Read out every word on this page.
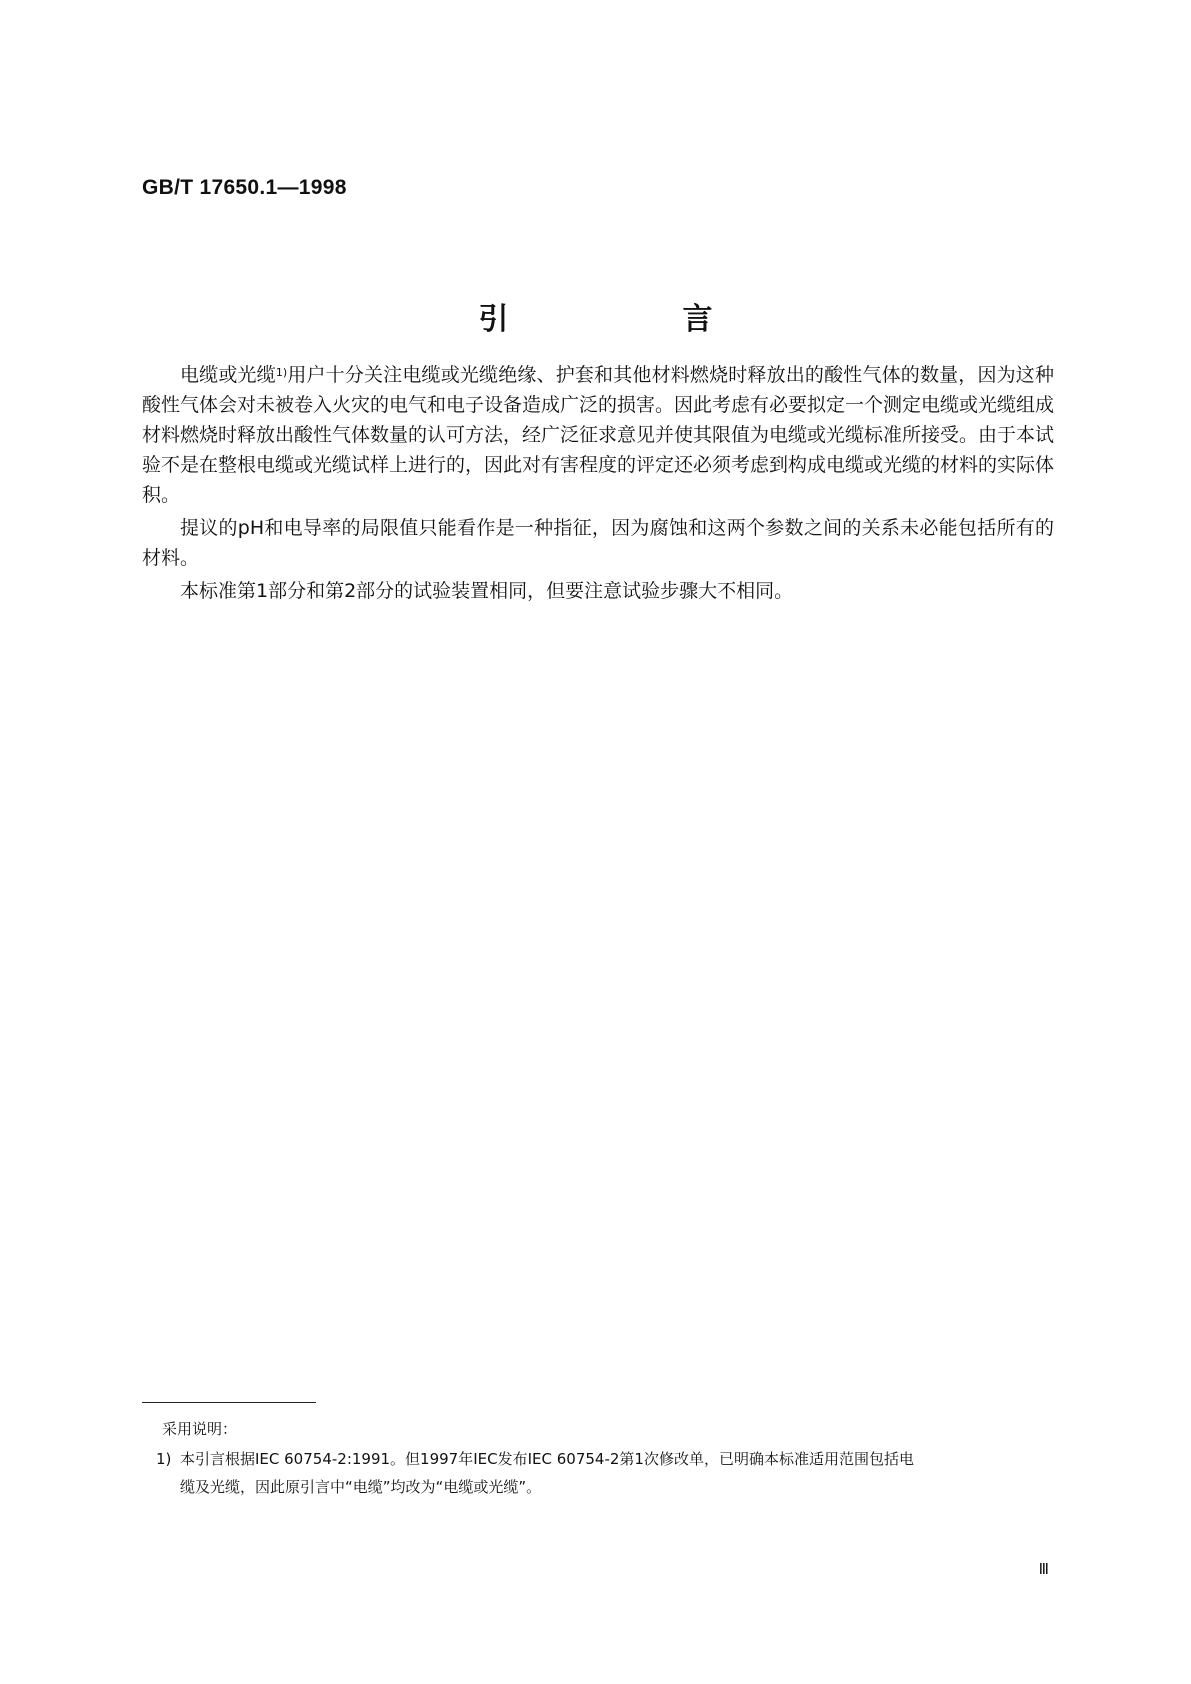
GB/T 17650.1—1998
引　言

电缆或光缆$^{1)}$用户十分关注电缆或光缆绝缘、护套和其他材料燃烧时释放出的酸性气体的数量，因为这种酸性气体会对未被卷入火灾的电气和电子设备造成广泛的损害。因此考虑有必要拟定一个测定电缆或光缆组成材料燃烧时释放出酸性气体数量的认可方法，经广泛征求意见并使其限值为电缆或光缆标准所接受。由于本试验不是在整根电缆或光缆试样上进行的，因此对有害程度的评定还必须考虑到构成电缆或光缆的材料的实际体积。

提议的pH和电导率的局限值只能看作是一种指征，因为腐蚀和这两个参数之间的关系未必能包括所有的材料。

本标准第1部分和第2部分的试验装置相同，但要注意试验步骤大不相同。

采用说明：
1) 本引言根据IEC 60754-2:1991。但1997年IEC发布IEC 60754-2第1次修改单，已明确本标准适用范围包括电
缆及光缆，因此原引言中“电缆”均改为“电缆或光缆”。
Ⅲ
